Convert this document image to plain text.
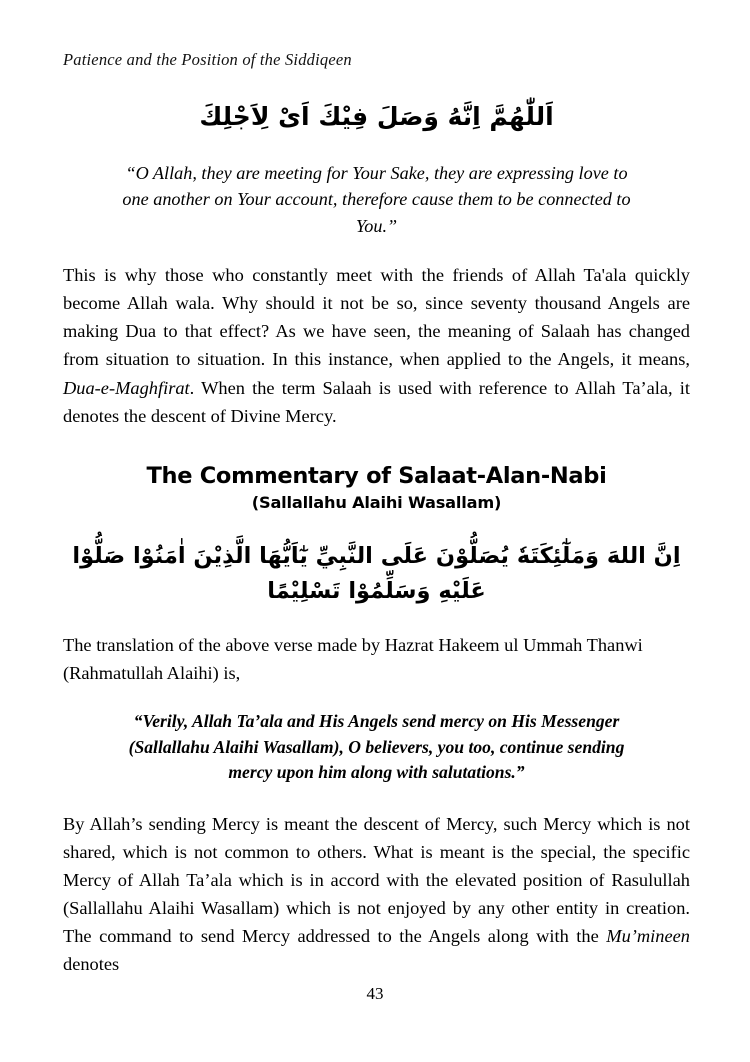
Patience and the Position of the Siddiqeen
اَللّٰهُمَّ اِنَّهُ وَصَلَ فِيْكَ اَىْ لِاَجْلِكَ
“O Allah, they are meeting for Your Sake, they are expressing love to
one another on Your account, therefore cause them to be connected to
You.”

This is why those who constantly meet with the friends of Allah Ta'ala quickly become Allah wala. Why should it not be so, since seventy thousand Angels are making Dua to that effect? As we have seen, the meaning of Salaah has changed from situation to situation. In this instance, when applied to the Angels, it means, Dua-e-Maghfirat. When the term Salaah is used with reference to Allah Ta’ala, it denotes the descent of Divine Mercy.

The Commentary of Salaat-Alan-Nabi
(Sallallahu Alaihi Wasallam)
اِنَّ اللهَ وَمَلٰٓئِكَتَهٗ يُصَلُّوْنَ عَلَى النَّبِيِّ يٰٓاَيُّهَا الَّذِيْنَ اٰمَنُوْا صَلُّوْا عَلَيْهِ وَسَلِّمُوْا تَسْلِيْمًا

The translation of the above verse made by Hazrat Hakeem ul Ummah Thanwi (Rahmatullah Alaihi) is,

“Verily, Allah Ta’ala and His Angels send mercy on His Messenger
(Sallallahu Alaihi Wasallam), O believers, you too, continue sending
mercy upon him along with salutations.”

By Allah’s sending Mercy is meant the descent of Mercy, such Mercy which is not shared, which is not common to others. What is meant is the special, the specific Mercy of Allah Ta’ala which is in accord with the elevated position of Rasulullah (Sallallahu Alaihi Wasallam) which is not enjoyed by any other entity in creation. The command to send Mercy addressed to the Angels along with the Mu’mineen denotes

43
